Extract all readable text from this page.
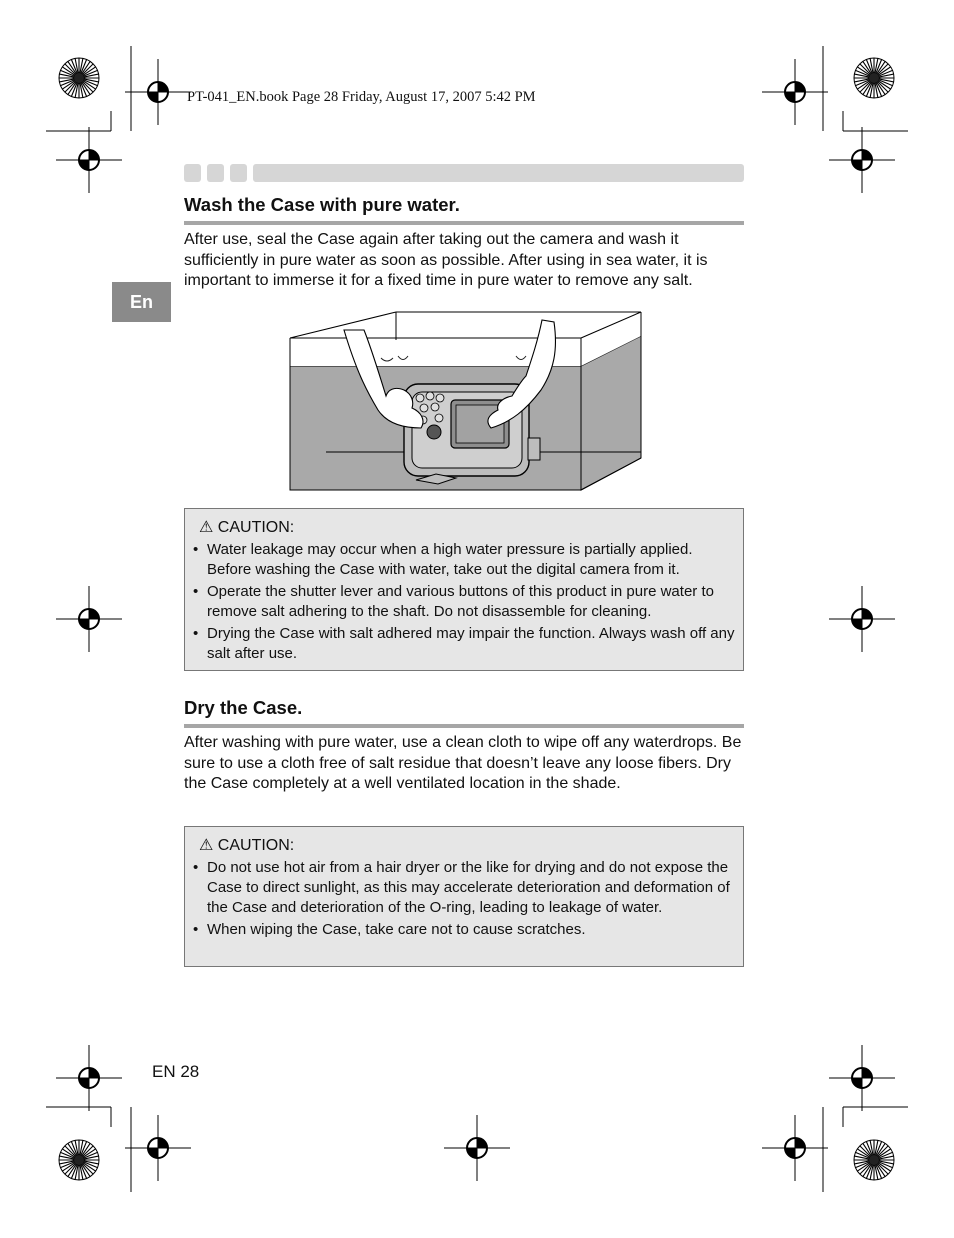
PT-041_EN.book Page 28 Friday, August 17, 2007 5:42 PM
En
Wash the Case with pure water.

After use, seal the Case again after taking out the camera and wash it sufficiently in pure water as soon as possible. After using in sea water, it is important to immerse it for a fixed time in pure water to remove any salt.

⚠ CAUTION:
• Water leakage may occur when a high water pressure is partially applied. Before washing the Case with water, take out the digital camera from it.
• Operate the shutter lever and various buttons of this product in pure water to remove salt adhering to the shaft. Do not disassemble for cleaning.
• Drying the Case with salt adhered may impair the function. Always wash off any salt after use.
Dry the Case.

After washing with pure water, use a clean cloth to wipe off any waterdrops. Be sure to use a cloth free of salt residue that doesn’t leave any loose fibers. Dry the Case completely at a well ventilated location in the shade.

⚠ CAUTION:
• Do not use hot air from a hair dryer or the like for drying and do not expose the Case to direct sunlight, as this may accelerate deterioration and deformation of the Case and deterioration of the O-ring, leading to leakage of water.
• When wiping the Case, take care not to cause scratches.
EN 28
